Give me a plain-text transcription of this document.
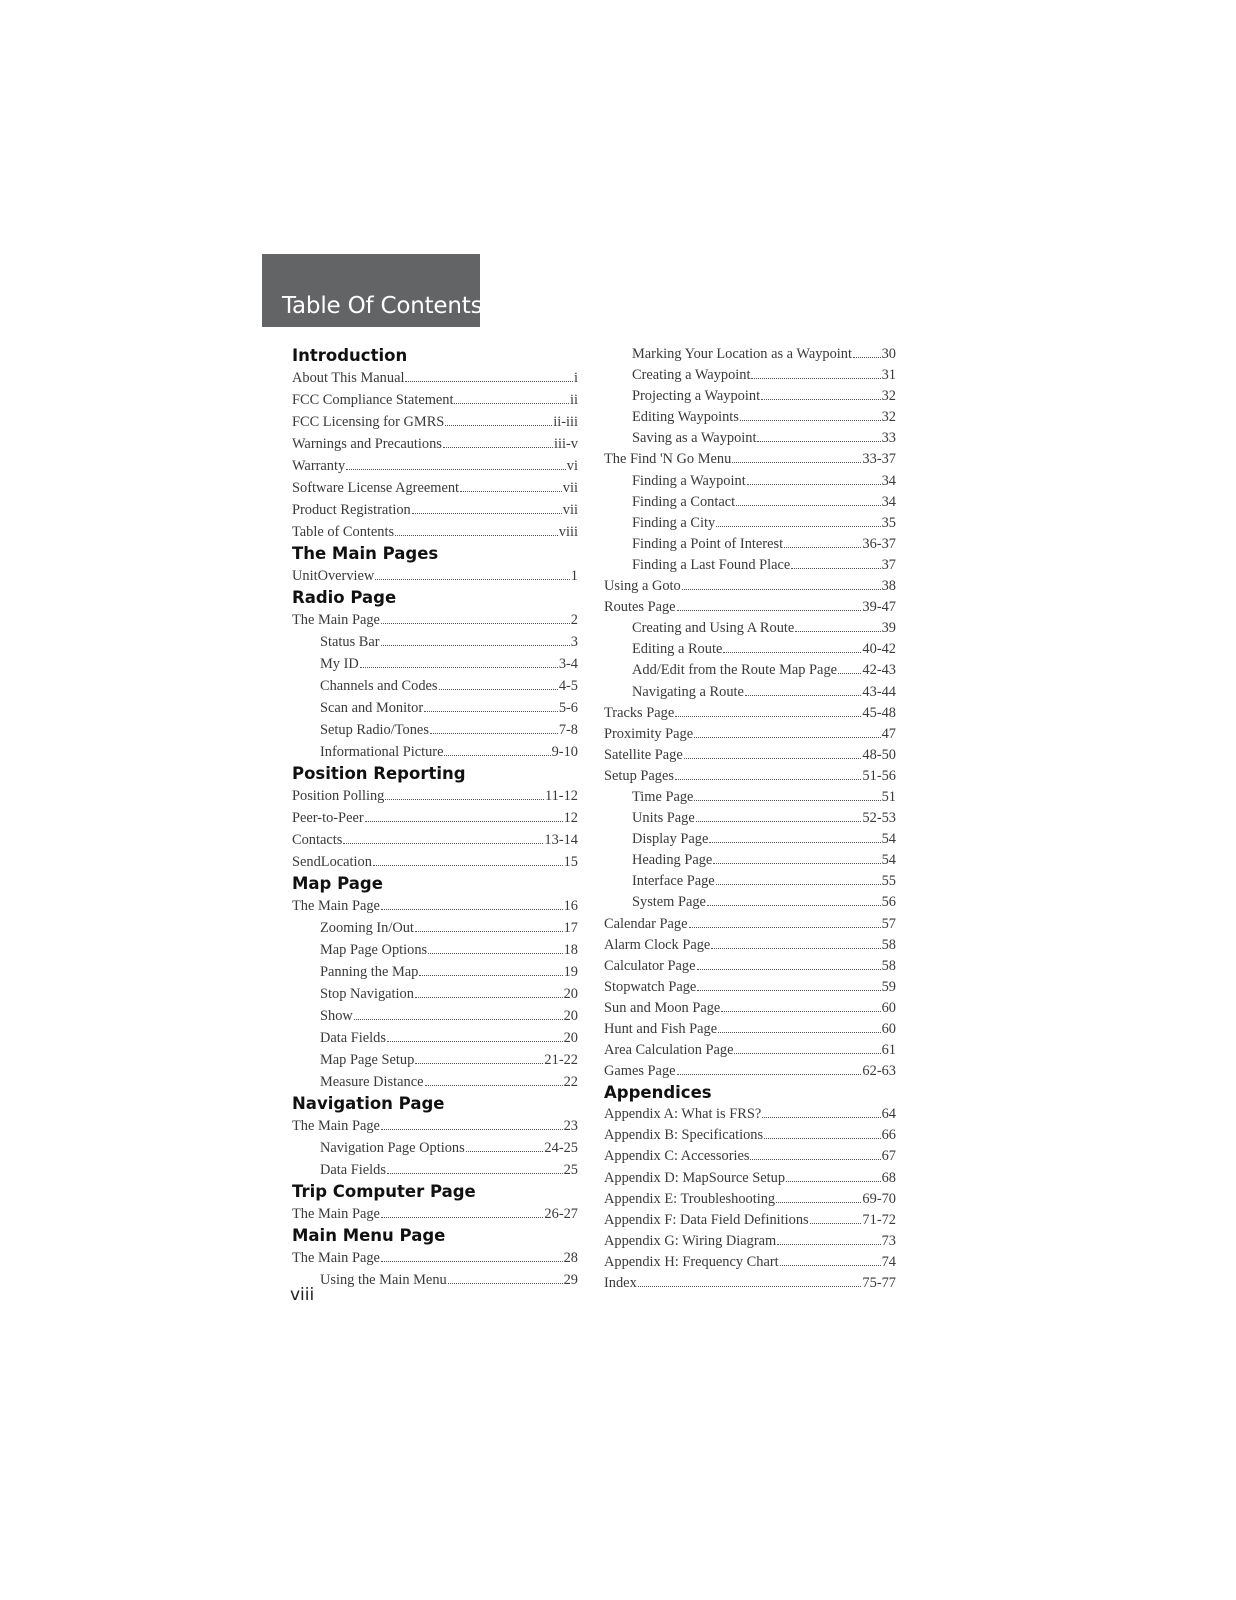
Table Of Contents
Introduction
About This Manual	i
FCC Compliance Statement	ii
FCC Licensing for GMRS	ii-iii
Warnings and Precautions	iii-v
Warranty	vi
Software License Agreement	vii
Product Registration	vii
Table of Contents	viii
The Main Pages
UnitOverview	1
Radio Page
The Main Page	2
Status Bar	3
My ID	3-4
Channels and Codes	4-5
Scan and Monitor	5-6
Setup Radio/Tones	7-8
Informational Picture	9-10
Position Reporting
Position Polling	11-12
Peer-to-Peer	12
Contacts	13-14
SendLocation	15
Map Page
The Main Page	16
Zooming In/Out	17
Map Page Options	18
Panning the Map	19
Stop Navigation	20
Show	20
Data Fields	20
Map Page Setup	21-22
Measure Distance	22
Navigation Page
The Main Page	23
Navigation Page Options	24-25
Data Fields	25
Trip Computer Page
The Main Page	26-27
Main Menu Page
The Main Page	28
Using the Main Menu	29
Marking Your Location as a Waypoint 30
Creating a Waypoint	31
Projecting a Waypoint	32
Editing Waypoints	32
Saving as a Waypoint	33
The Find 'N Go Menu	33-37
Finding a Waypoint	34
Finding a Contact	34
Finding a City	35
Finding a Point of Interest	36-37
Finding a Last Found Place	37
Using a Goto	38
Routes Page	39-47
Creating and Using A Route	39
Editing a Route	40-42
Add/Edit from the Route Map Page 42-43
Navigating a Route	43-44
Tracks Page	45-48
Proximity Page	47
Satellite Page	48-50
Setup Pages	51-56
Time Page	51
Units Page	52-53
Display Page	54
Heading Page	54
Interface Page	55
System Page	56
Calendar Page	57
Alarm Clock Page	58
Calculator Page	58
Stopwatch Page	59
Sun and Moon Page	60
Hunt and Fish Page	60
Area Calculation Page	61
Games Page	62-63
Appendices
Appendix A: What is FRS?	64
Appendix B: Specifications	66
Appendix C: Accessories	67
Appendix D: MapSource Setup	68
Appendix E: Troubleshooting	69-70
Appendix F: Data Field Definitions	71-72
Appendix G: Wiring Diagram	73
Appendix H: Frequency Chart	74
Index	75-77
viii
